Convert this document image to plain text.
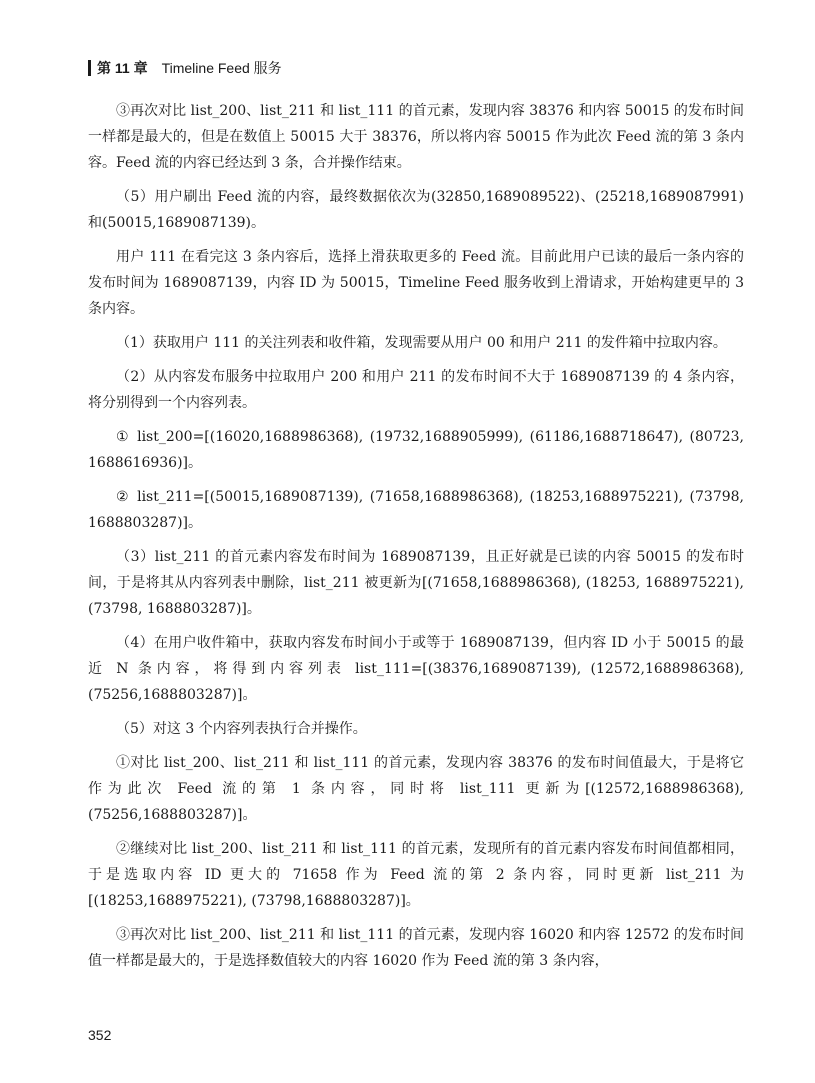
第 11 章 Timeline Feed 服务

③再次对比 list_200、list_211 和 list_111 的首元素，发现内容 38376 和内容 50015 的发布时间一样都是最大的，但是在数值上 50015 大于 38376，所以将内容 50015 作为此次 Feed 流的第 3 条内容。Feed 流的内容已经达到 3 条，合并操作结束。

（5）用户刷出 Feed 流的内容，最终数据依次为(32850,1689089522)、(25218,1689087991)和(50015,1689087139)。

用户 111 在看完这 3 条内容后，选择上滑获取更多的 Feed 流。目前此用户已读的最后一条内容的发布时间为 1689087139，内容 ID 为 50015，Timeline Feed 服务收到上滑请求，开始构建更早的 3 条内容。

（1）获取用户 111 的关注列表和收件箱，发现需要从用户 00 和用户 211 的发件箱中拉取内容。

（2）从内容发布服务中拉取用户 200 和用户 211 的发布时间不大于 1689087139 的 4 条内容，将分别得到一个内容列表。

① list_200=[(16020,1688986368), (19732,1688905999), (61186,1688718647), (80723, 1688616936)]。

② list_211=[(50015,1689087139), (71658,1688986368), (18253,1688975221), (73798, 1688803287)]。

（3）list_211 的首元素内容发布时间为 1689087139，且正好就是已读的内容 50015 的发布时间，于是将其从内容列表中删除，list_211 被更新为[(71658,1688986368), (18253, 1688975221), (73798, 1688803287)]。

（4）在用户收件箱中，获取内容发布时间小于或等于 1689087139，但内容 ID 小于 50015 的最近 N 条内容，将得到内容列表 list_111=[(38376,1689087139), (12572,1688986368), (75256,1688803287)]。

（5）对这 3 个内容列表执行合并操作。

①对比 list_200、list_211 和 list_111 的首元素，发现内容 38376 的发布时间值最大，于是将它作为此次 Feed 流的第 1 条内容，同时将 list_111 更新为[(12572,1688986368), (75256,1688803287)]。

②继续对比 list_200、list_211 和 list_111 的首元素，发现所有的首元素内容发布时间值都相同，于是选取内容 ID 更大的 71658 作为 Feed 流的第 2 条内容，同时更新 list_211 为[(18253,1688975221), (73798,1688803287)]。

③再次对比 list_200、list_211 和 list_111 的首元素，发现内容 16020 和内容 12572 的发布时间值一样都是最大的，于是选择数值较大的内容 16020 作为 Feed 流的第 3 条内容，

352
